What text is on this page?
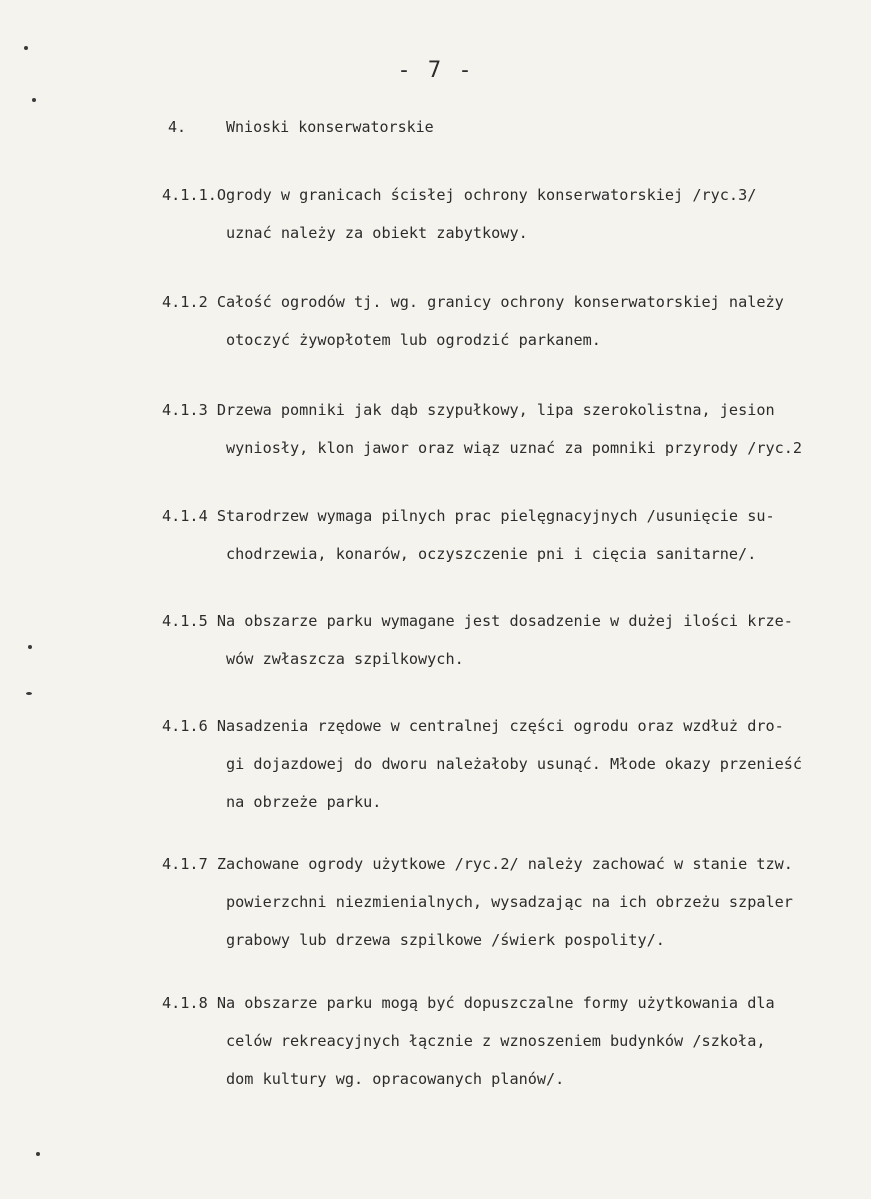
- 7 -
4.	Wnioski konserwatorskie
4.1.1.Ogrody w granicach ścisłej ochrony konserwatorskiej /ryc.3/
uznać należy za obiekt zabytkowy.
4.1.2 Całość ogrodów tj. wg. granicy ochrony konserwatorskiej należy
otoczyć żywopłotem lub ogrodzić parkanem.
4.1.3 Drzewa pomniki jak dąb szypułkowy, lipa szerokolistna, jesion
wyniosły, klon jawor oraz wiąz uznać za pomniki przyrody /ryc.2
4.1.4 Starodrzew wymaga pilnych prac pielęgnacyjnych /usunięcie su-
chodrzewia, konarów, oczyszczenie pni i cięcia sanitarne/.
4.1.5 Na obszarze parku wymagane jest dosadzenie w dużej ilości krze-
wów zwłaszcza szpilkowych.
4.1.6 Nasadzenia rzędowe w centralnej części ogrodu oraz wzdłuż dro-
gi dojazdowej do dworu należałoby usunąć. Młode okazy przenieść
na obrzeże parku.
4.1.7 Zachowane ogrody użytkowe /ryc.2/ należy zachować w stanie tzw.
powierzchni niezmienialnych, wysadzając na ich obrzeżu szpaler
grabowy lub drzewa szpilkowe /świerk pospolity/.
4.1.8 Na obszarze parku mogą być dopuszczalne formy użytkowania dla
celów rekreacyjnych łącznie z wznoszeniem budynków /szkoła,
dom kultury wg. opracowanych planów/.
